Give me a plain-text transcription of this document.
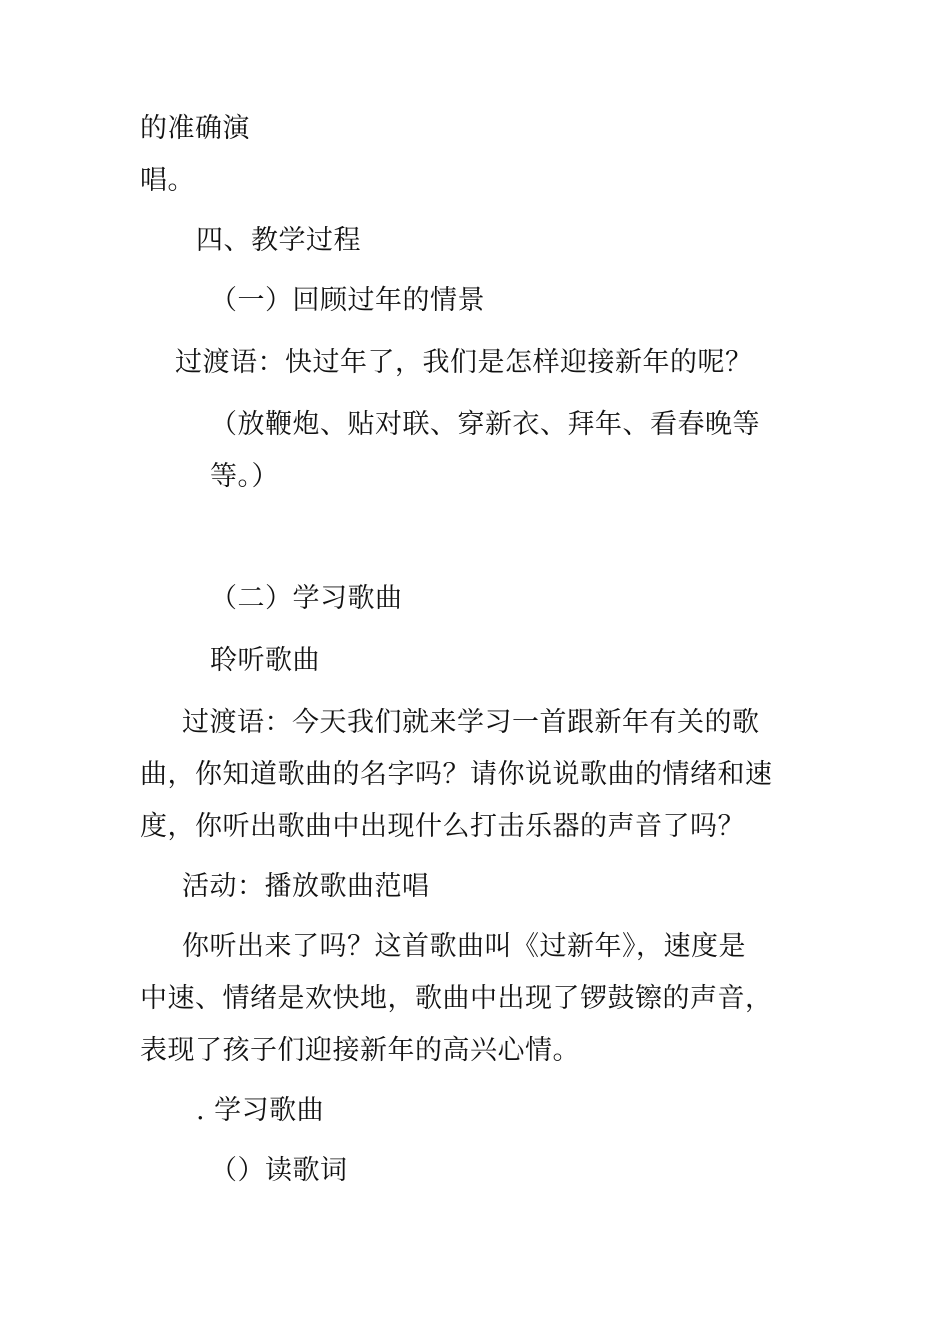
的准确演
唱。
四、教学过程
（一）回顾过年的情景
过渡语：快过年了，我们是怎样迎接新年的呢？
（放鞭炮、贴对联、穿新衣、拜年、看春晚等
等。）
（二）学习歌曲
聆听歌曲
过渡语：今天我们就来学习一首跟新年有关的歌
曲，你知道歌曲的名字吗？请你说说歌曲的情绪和速
度，你听出歌曲中出现什么打击乐器的声音了吗？
活动：播放歌曲范唱
你听出来了吗？这首歌曲叫《过新年》，速度是
中速、情绪是欢快地，歌曲中出现了锣鼓镲的声音，
表现了孩子们迎接新年的高兴心情。
. 学习歌曲
（）读歌词
